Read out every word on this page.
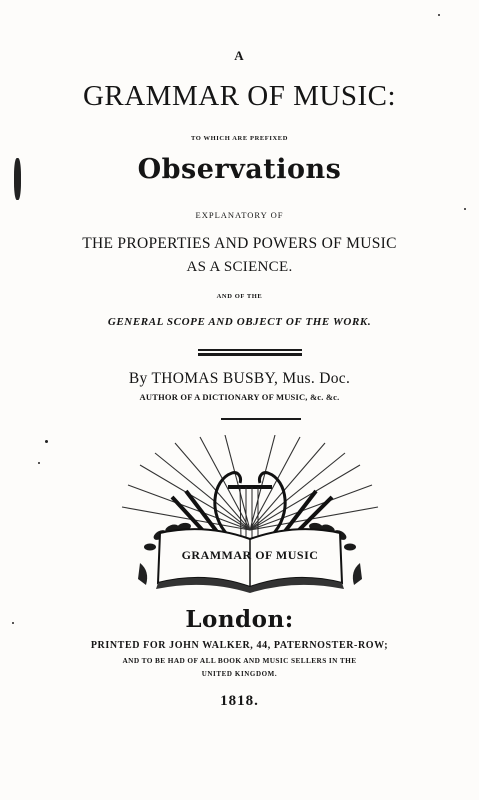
A
GRAMMAR OF MUSIC:
TO WHICH ARE PREFIXED
Observations
EXPLANATORY OF
THE PROPERTIES AND POWERS OF MUSIC
AS A SCIENCE.
AND OF THE
GENERAL SCOPE AND OBJECT OF THE WORK.
By THOMAS BUSBY, Mus. Doc.
AUTHOR OF A DICTIONARY OF MUSIC, &c. &c.
GRAMMAR OF MUSIC
London:
PRINTED FOR JOHN WALKER, 44, PATERNOSTER-ROW;
AND TO BE HAD OF ALL BOOK AND MUSIC SELLERS IN THE
UNITED KINGDOM.
1818.
